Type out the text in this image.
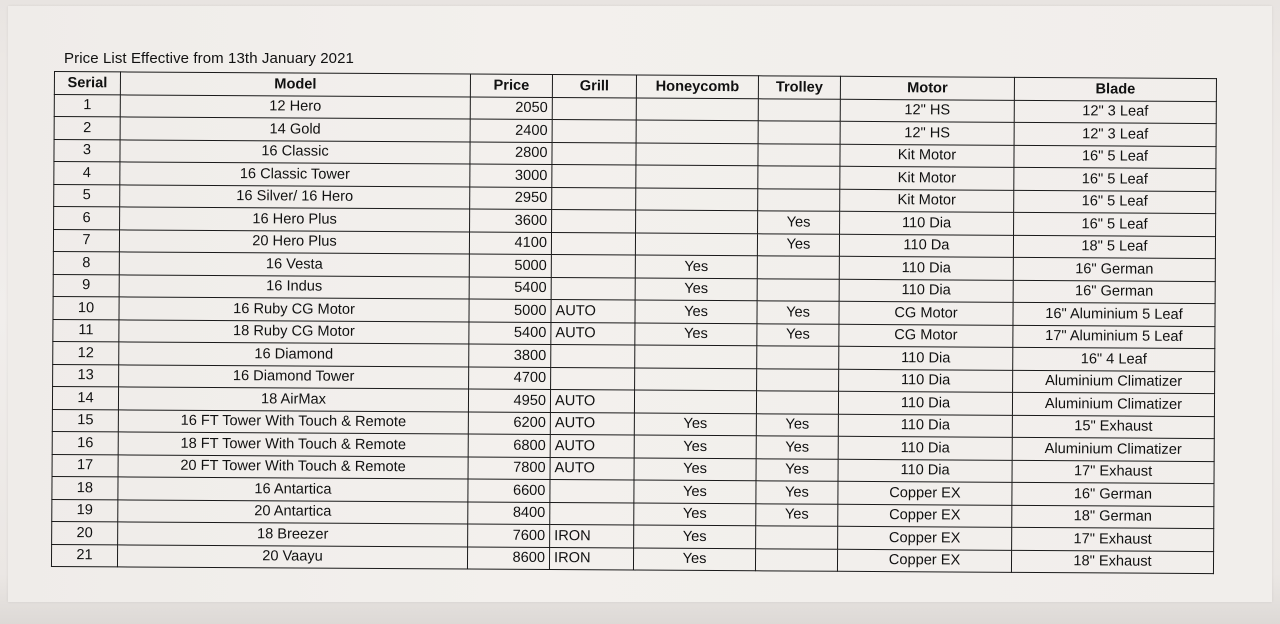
Price List Effective from 13th January 2021
Serial	Model	Price	Grill	Honeycomb	Trolley	Motor	Blade
1	12 Hero	2050				12" HS	12" 3 Leaf
2	14 Gold	2400				12" HS	12" 3 Leaf
3	16 Classic	2800				Kit Motor	16" 5 Leaf
4	16 Classic Tower	3000				Kit Motor	16" 5 Leaf
5	16 Silver/ 16 Hero	2950				Kit Motor	16" 5 Leaf
6	16 Hero Plus	3600			Yes	110 Dia	16" 5 Leaf
7	20 Hero Plus	4100			Yes	110 Da	18" 5 Leaf
8	16 Vesta	5000		Yes		110 Dia	16" German
9	16 Indus	5400		Yes		110 Dia	16" German
10	16 Ruby CG Motor	5000	AUTO	Yes	Yes	CG Motor	16" Aluminium 5 Leaf
11	18 Ruby CG Motor	5400	AUTO	Yes	Yes	CG Motor	17" Aluminium 5 Leaf
12	16 Diamond	3800				110 Dia	16" 4 Leaf
13	16 Diamond Tower	4700				110 Dia	Aluminium Climatizer
14	18 AirMax	4950	AUTO			110 Dia	Aluminium Climatizer
15	16 FT Tower With Touch & Remote	6200	AUTO	Yes	Yes	110 Dia	15" Exhaust
16	18 FT Tower With Touch & Remote	6800	AUTO	Yes	Yes	110 Dia	Aluminium Climatizer
17	20 FT Tower With Touch & Remote	7800	AUTO	Yes	Yes	110 Dia	17" Exhaust
18	16 Antartica	6600		Yes	Yes	Copper EX	16" German
19	20 Antartica	8400		Yes	Yes	Copper EX	18" German
20	18 Breezer	7600	IRON	Yes		Copper EX	17" Exhaust
21	20 Vaayu	8600	IRON	Yes		Copper EX	18" Exhaust
